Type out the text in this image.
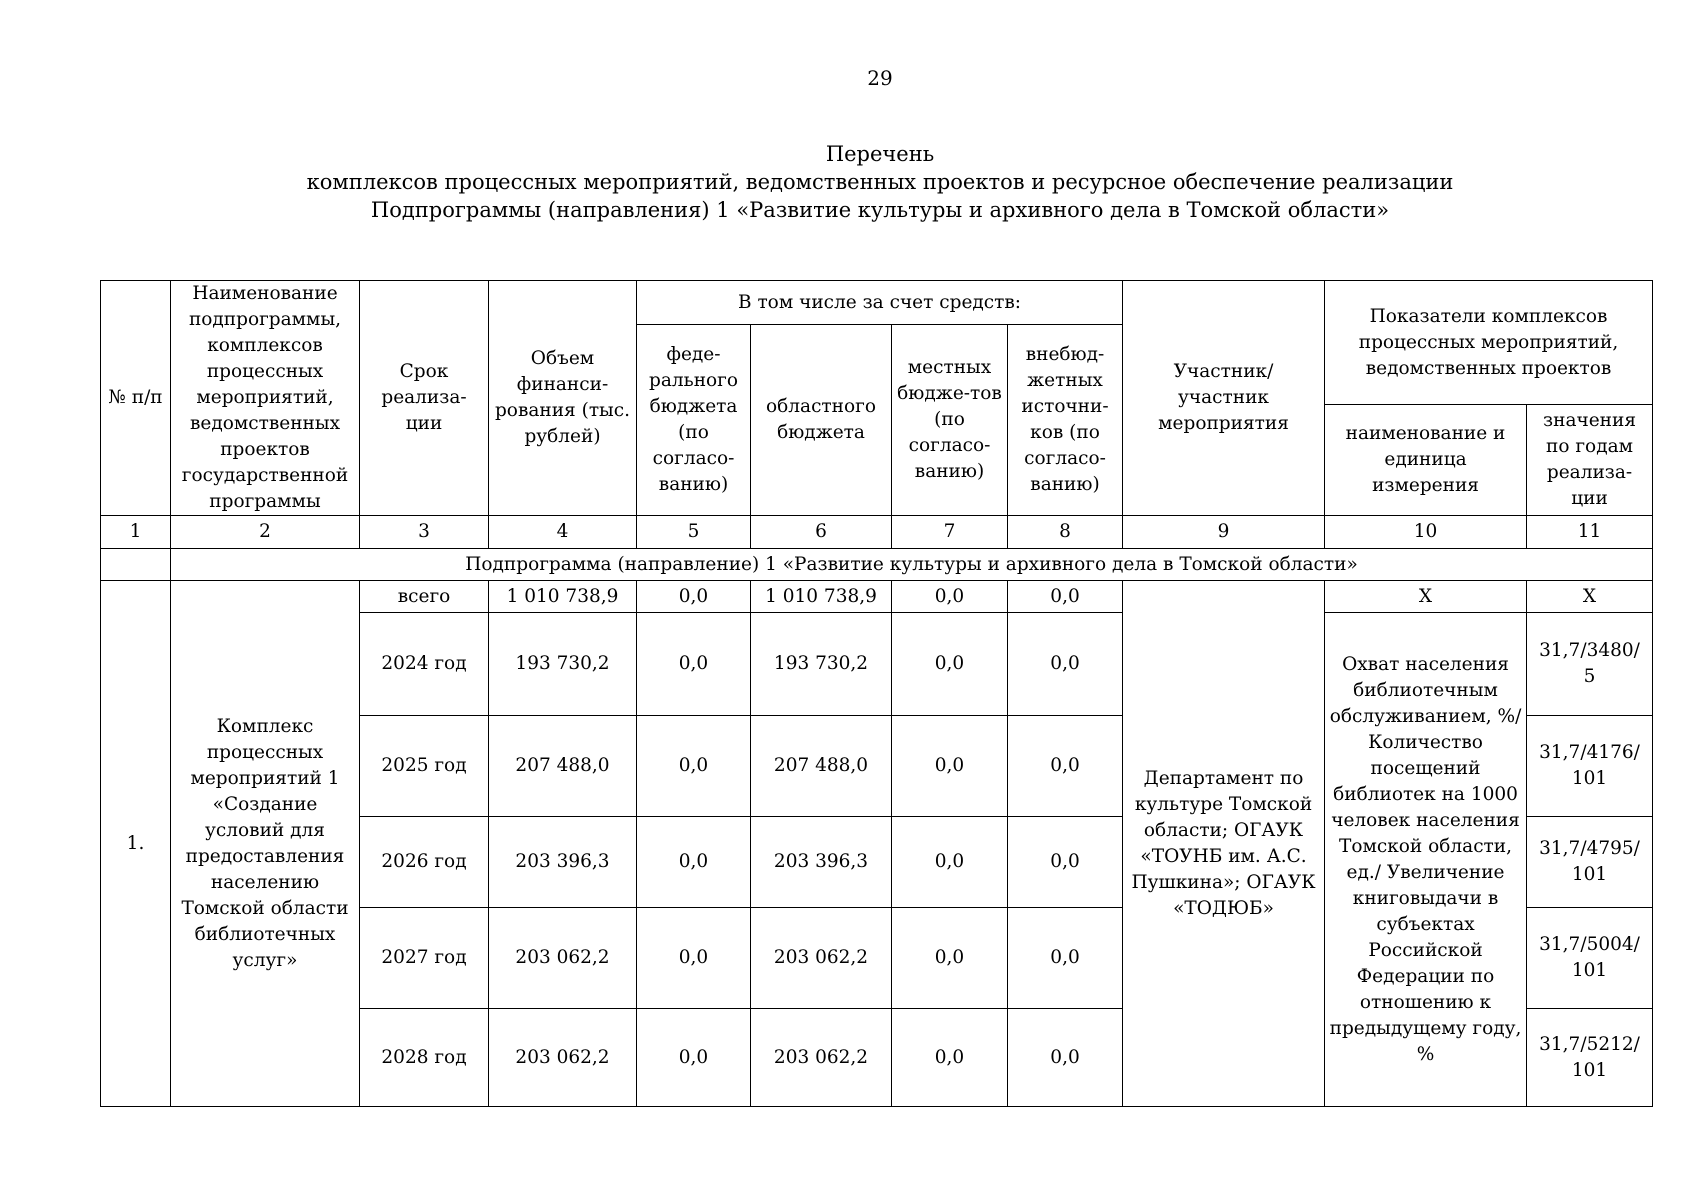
29
Перечень
комплексов процессных мероприятий, ведомственных проектов и ресурсное обеспечение реализации
Подпрограммы (направления) 1 «Развитие культуры и архивного дела в Томской области»
№ п/п	Наименование подпрограммы, комплексов процессных мероприятий, ведомственных проектов государственной программы	Срок реализа-ции	Объем финанси-рования (тыс. рублей)	В том числе за счет средств:				Участник/ участник мероприятия	Показатели комплексов процессных мероприятий, ведомственных проектов	
				феде-рального бюджета (по согласо-ванию)	областного бюджета	местных бюдже-тов (по согласо-ванию)	внебюд-жетных источни-ков (по согласо-ванию)			
									наименование и единица измерения	значения по годам реализа-ции
1	2	3	4	5	6	7	8	9	10	11
	Подпрограмма (направление) 1 «Развитие культуры и архивного дела в Томской области»									
1.	Комплекс процессных мероприятий 1 «Создание условий для предоставления населению Томской области библиотечных услуг»	всего	1 010 738,9	0,0	1 010 738,9	0,0	0,0	Департамент по культуре Томской области; ОГАУК «ТОУНБ им. А.С. Пушкина»; ОГАУК «ТОДЮБ»	X	X
		2024 год	193 730,2	0,0	193 730,2	0,0	0,0		Охват населения библиотечным обслуживанием, %/ Количество посещений библиотек на 1000 человек населения Томской области, ед./ Увеличение книговыдачи в субъектах Российской Федерации по отношению к предыдущему году, %	31,7/3480/ 5
		2025 год	207 488,0	0,0	207 488,0	0,0	0,0			31,7/4176/ 101
		2026 год	203 396,3	0,0	203 396,3	0,0	0,0			31,7/4795/ 101
		2027 год	203 062,2	0,0	203 062,2	0,0	0,0			31,7/5004/ 101
		2028 год	203 062,2	0,0	203 062,2	0,0	0,0			31,7/5212/ 101
